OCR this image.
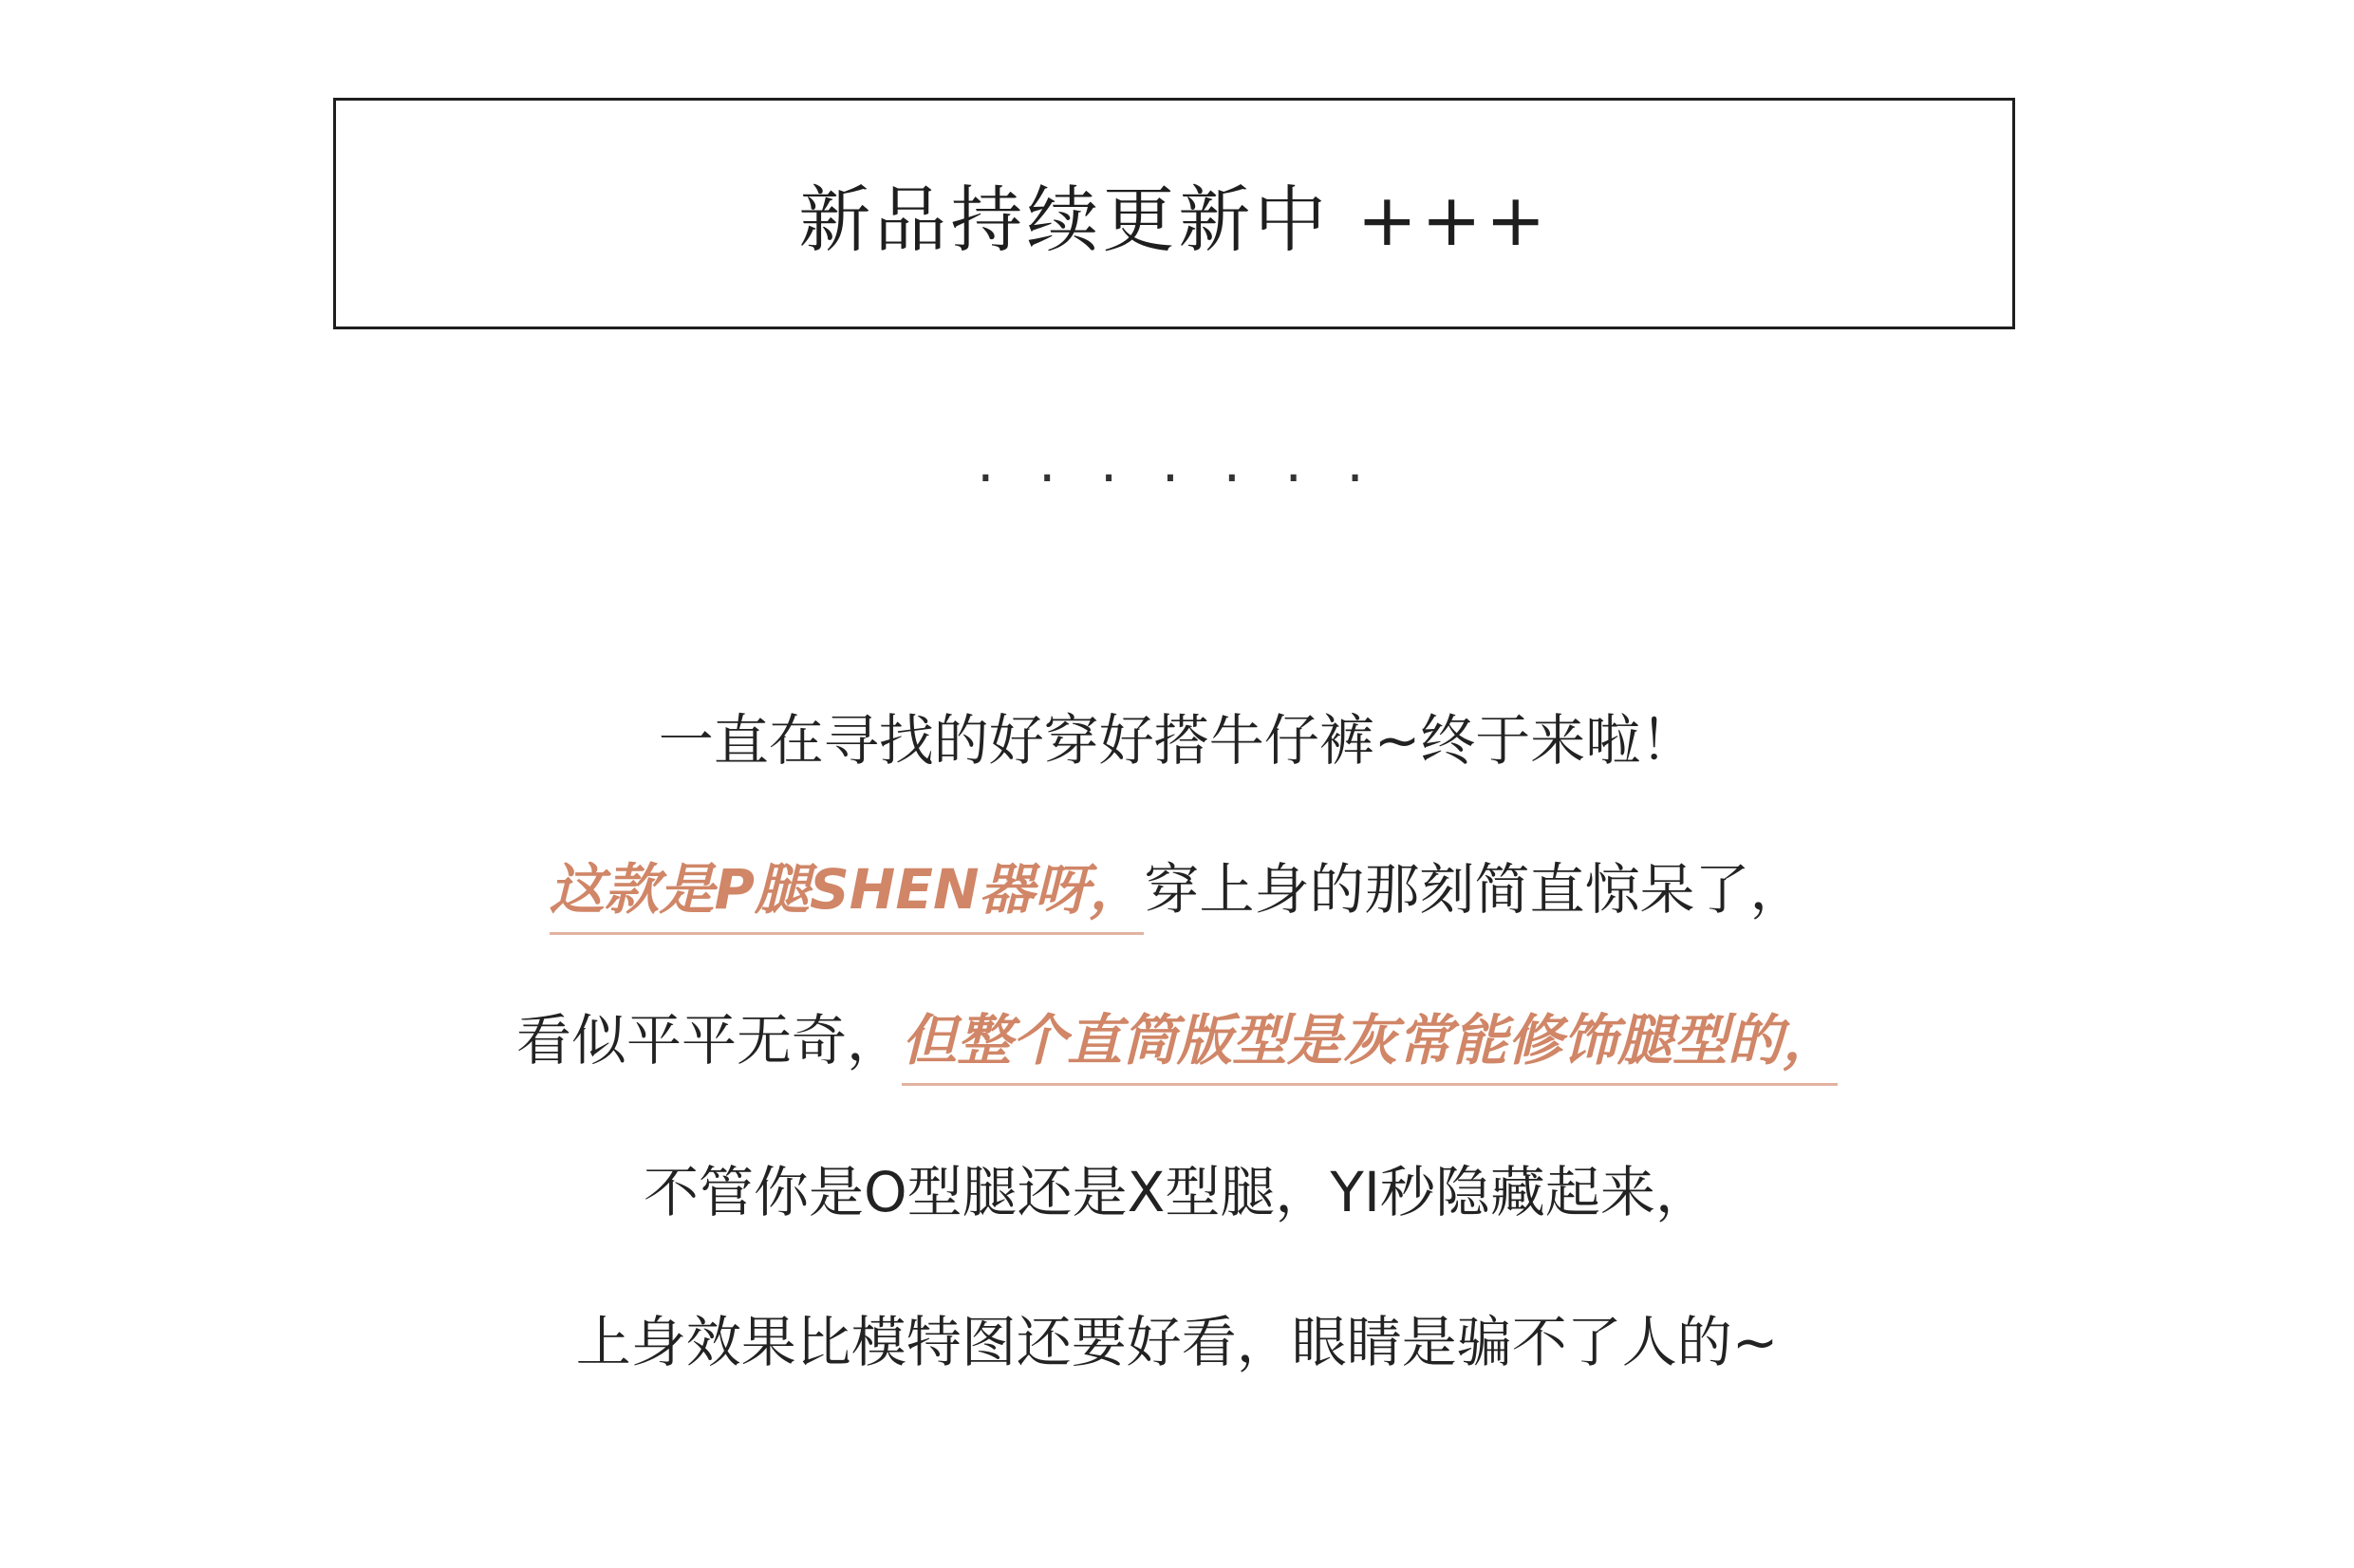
新品持续更新中 +++
. . . . . . .
一直在寻找的好穿好搭牛仔裤~终于来啦！
这款是P腿SHEN器呀，穿上身的那刻简直惊呆了，
看似平平无奇，但整个直筒版型是灰常能修饰腿型的，
不管你是O型腿还是X型腿，YI秒隐藏起来，
上身效果比模特图还要好看，眼睛是骗不了人的~
